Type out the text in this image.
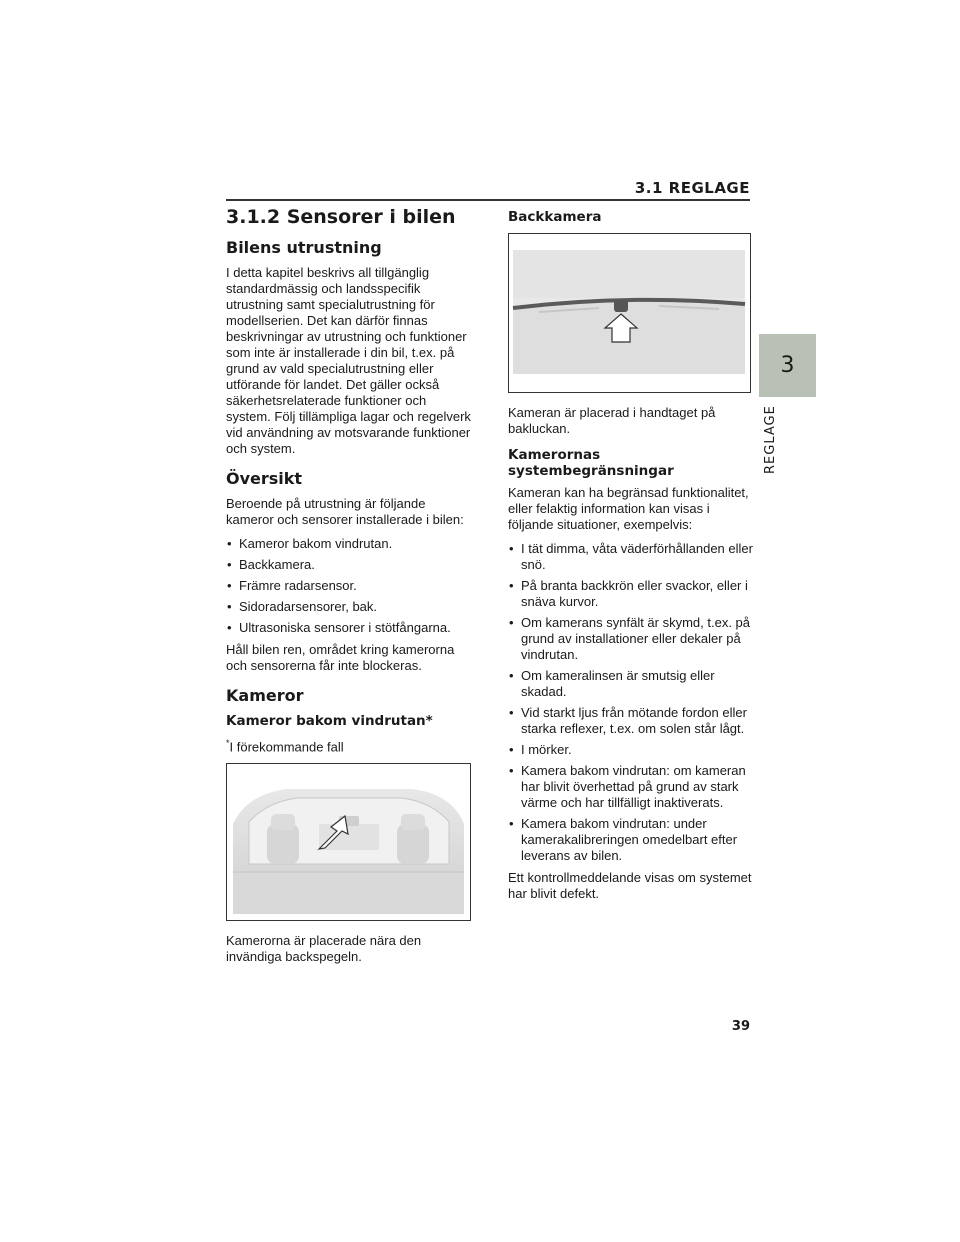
3.1 REGLAGE
3
REGLAGE
3.1.2 Sensorer i bilen
Bilens utrustning

I detta kapitel beskrivs all tillgänglig standardmässig och landsspecifik utrustning samt specialutrustning för modellserien. Det kan därför finnas beskrivningar av utrustning och funktioner som inte är installerade i din bil, t.ex. på grund av vald specialutrustning eller utförande för landet. Det gäller också säkerhetsrelaterade funktioner och system. Följ tillämpliga lagar och regelverk vid användning av motsvarande funktioner och system.

Översikt

Beroende på utrustning är följande kameror och sensorer installerade i bilen:

• Kameror bakom vindrutan.
• Backkamera.
• Främre radarsensor.
• Sidoradarsensorer, bak.
• Ultrasoniska sensorer i stötfångarna.

Håll bilen ren, området kring kamerorna och sensorerna får inte blockeras.

Kameror
Kameror bakom vindrutan*
*I förekommande fall

Kamerorna är placerade nära den invändiga backspegeln.

Backkamera

Kameran är placerad i handtaget på bakluckan.

Kamerornas systembegränsningar

Kameran kan ha begränsad funktionalitet, eller felaktig information kan visas i följande situationer, exempelvis:

• I tät dimma, våta väderförhållanden eller snö.
• På branta backkrön eller svackor, eller i snäva kurvor.
• Om kamerans synfält är skymd, t.ex. på grund av installationer eller dekaler på vindrutan.
• Om kameralinsen är smutsig eller skadad.
• Vid starkt ljus från mötande fordon eller starka reflexer, t.ex. om solen står lågt.
• I mörker.
• Kamera bakom vindrutan: om kameran har blivit överhettad på grund av stark värme och har tillfälligt inaktiverats.
• Kamera bakom vindrutan: under kamerakalibreringen omedelbart efter leverans av bilen.

Ett kontrollmeddelande visas om systemet har blivit defekt.

39
